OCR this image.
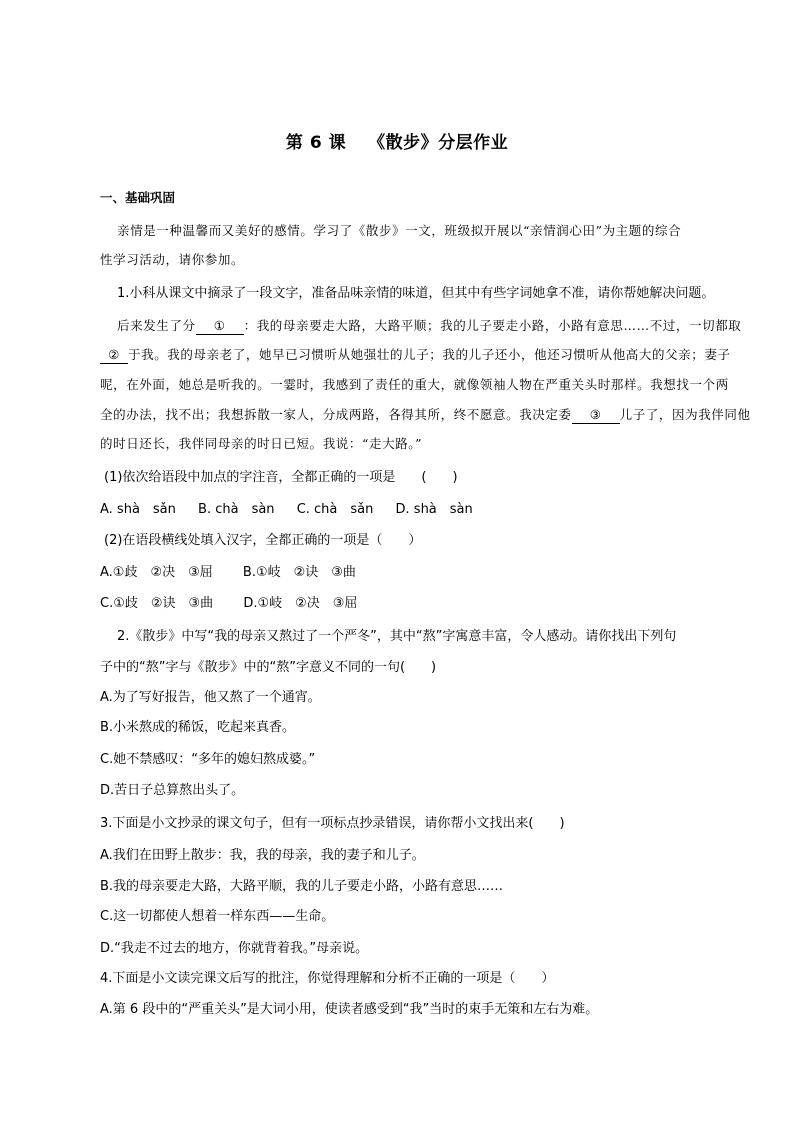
第 6 课 《散步》分层作业
一、基础巩固
亲情是一种温馨而又美好的感情。学习了《散步》一文，班级拟开展以“亲情润心田”为主题的综合
性学习活动，请你参加。
1.小科从课文中摘录了一段文字，准备品味亲情的味道，但其中有些字词她拿不准，请你帮她解决问题。
后来发生了分 ① ：我的母亲要走大路，大路平顺；我的儿子要走小路，小路有意思……不过，一切都取
② 于我。我的母亲老了，她早已习惯听从她强壮的儿子；我的儿子还小，他还习惯听从他高大的父亲；妻子
呢，在外面，她总是听我的。一霎时，我感到了责任的重大，就像领袖人物在严重关头时那样。我想找一个两
全的办法，找不出；我想拆散一家人，分成两路，各得其所，终不愿意。我决定委 ③ 儿子了，因为我伴同他
的时日还长，我伴同母亲的时日已短。我说：“走大路。”
(1)依次给语段中加点的字注音，全都正确的一项是　　(　　)
A. shà　sǎn B. chà　sàn C. chà　sǎn D. shà　sàn
(2)在语段横线处填入汉字，全都正确的一项是（　　）
A.①歧　②决　③屈 B.①岐　②诀　③曲
C.①歧　②诀　③曲 D.①岐　②决　③屈
2.《散步》中写“我的母亲又熬过了一个严冬”，其中“熬”字寓意丰富，令人感动。请你找出下列句
子中的“熬”字与《散步》中的“熬”字意义不同的一句(　　)
A.为了写好报告，他又熬了一个通宵。
B.小米熬成的稀饭，吃起来真香。
C.她不禁感叹：“多年的媳妇熬成婆。”
D.苦日子总算熬出头了。
3.下面是小文抄录的课文句子，但有一项标点抄录错误，请你帮小文找出来(　　)
A.我们在田野上散步：我，我的母亲，我的妻子和儿子。
B.我的母亲要走大路，大路平顺，我的儿子要走小路，小路有意思……
C.这一切都使人想着一样东西——生命。
D.“我走不过去的地方，你就背着我。”母亲说。
4.下面是小文读完课文后写的批注，你觉得理解和分析不正确的一项是（　　）
A.第 6 段中的“严重关头”是大词小用，使读者感受到“我”当时的束手无策和左右为难。
